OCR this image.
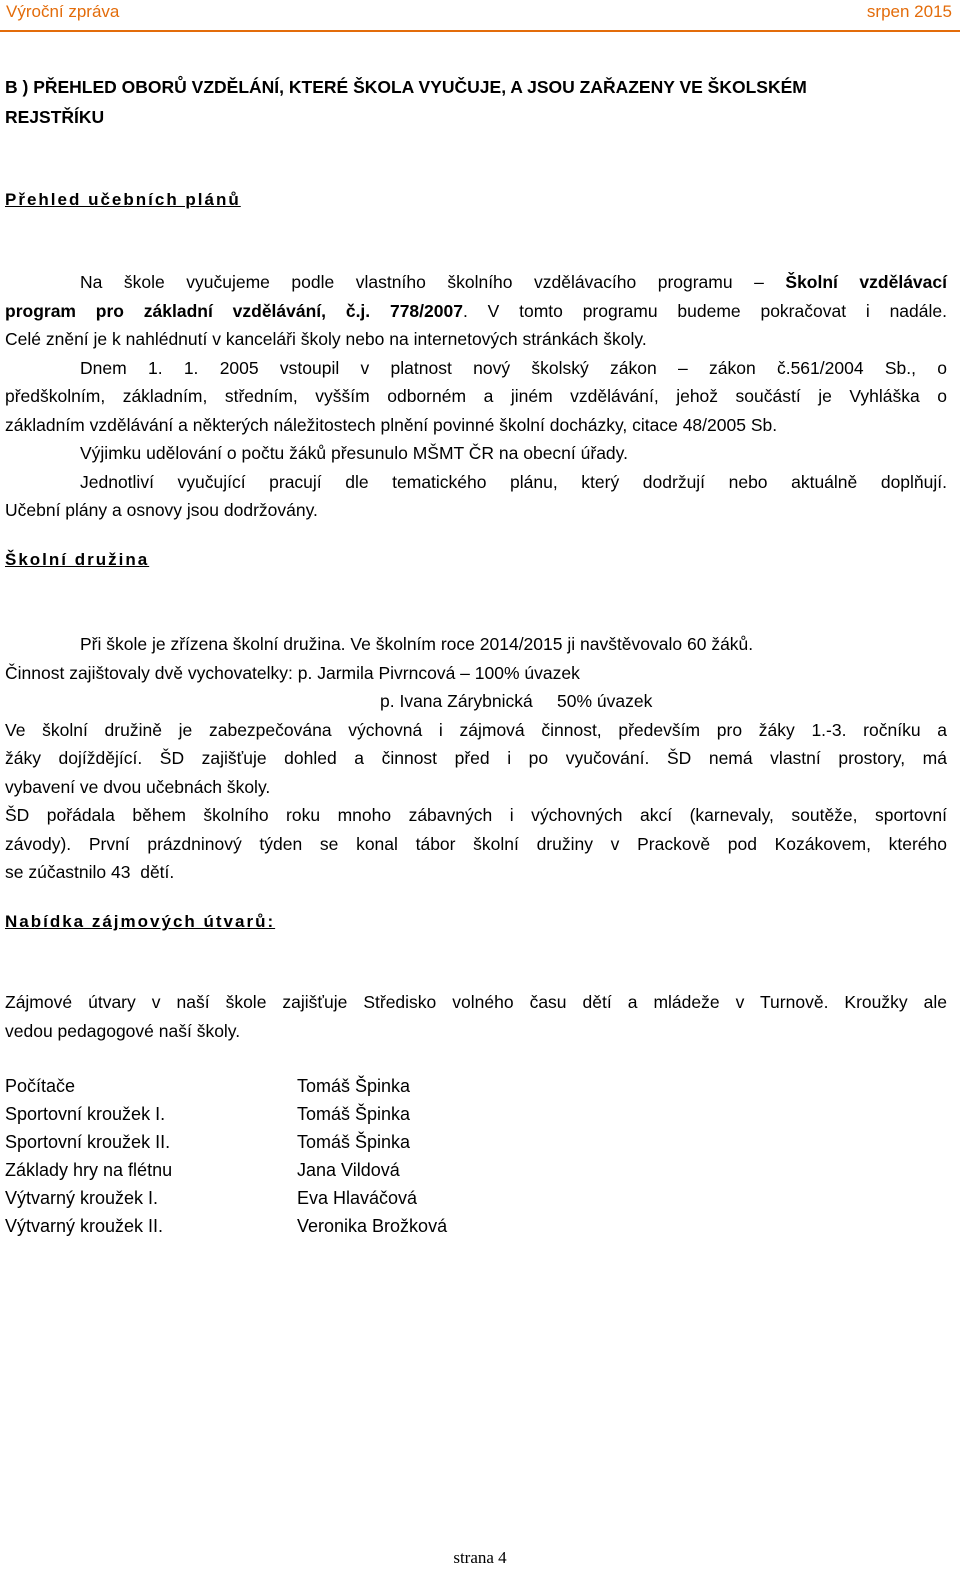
Výroční zpráva	srpen 2015
B ) PŘEHLED OBORŮ VZDĚLÁNÍ, KTERÉ ŠKOLA VYUČUJE, A JSOU ZAŘAZENY VE ŠKOLSKÉM REJSTŘÍKU
Přehled učebních plánů
Na škole vyučujeme podle vlastního školního vzdělávacího programu – Školní vzdělávací
program pro základní vzdělávání, č.j. 778/2007. V tomto programu budeme pokračovat i nadále.
Celé znění je k nahlédnutí v kanceláři školy nebo na internetových stránkách školy.
Dnem 1. 1. 2005 vstoupil v platnost nový školský zákon – zákon č.561/2004 Sb., o
předškolním, základním, středním, vyšším odborném a jiném vzdělávání, jehož součástí je Vyhláška o
základním vzdělávání a některých náležitostech plnění povinné školní docházky, citace 48/2005 Sb.
Výjimku udělování o počtu žáků přesunulo MŠMT ČR na obecní úřady.
Jednotliví vyučující pracují dle tematického plánu, který dodržují nebo aktuálně doplňují.
Učební plány a osnovy jsou dodržovány.
Školní družina
Při škole je zřízena školní družina. Ve školním roce 2014/2015 ji navštěvovalo 60 žáků.
Činnost zajištovaly dvě vychovatelky: p. Jarmila Pivrncová – 100% úvazek
p. Ivana Zárybnická     50% úvazek
Ve školní družině je zabezpečována výchovná i zájmová činnost, především pro žáky 1.-3. ročníku a
žáky dojíždějící. ŠD zajišťuje dohled a činnost před i po vyučování. ŠD nemá vlastní prostory, má
vybavení ve dvou učebnách školy.
ŠD pořádala během školního roku mnoho zábavných i výchovných akcí (karnevaly, soutěže, sportovní
závody). První prázdninový týden se konal tábor školní družiny v Prackově pod Kozákovem, kterého
se zúčastnilo 43  dětí.
Nabídka zájmových útvarů:
Zájmové útvary v naší škole zajišťuje Středisko volného času dětí a mládeže v Turnově. Kroužky ale
vedou pedagogové naší školy.
Počítače	Tomáš Špinka
Sportovní kroužek I.	Tomáš Špinka
Sportovní kroužek II.	Tomáš Špinka
Základy hry na flétnu	Jana Vildová
Výtvarný kroužek I.	Eva Hlaváčová
Výtvarný kroužek II.	Veronika Brožková
strana 4
